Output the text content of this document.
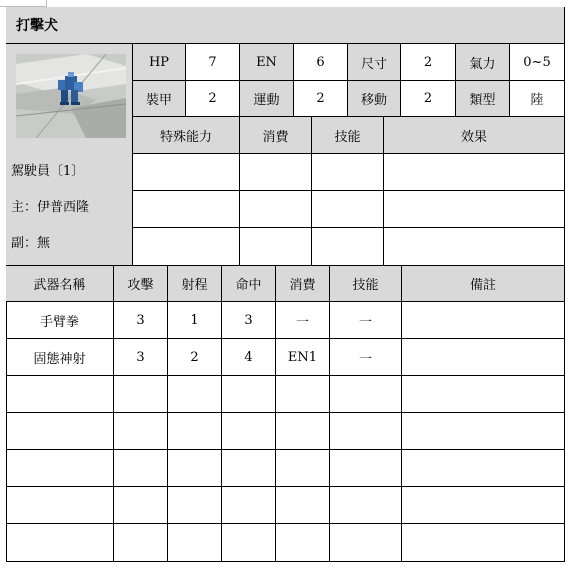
打擊犬
HP	7	EN	6	尺寸	2	氣力	0~5
裝甲	2	運動	2	移動	2	類型	陸
特殊能力	消費	技能	效果
駕駛員〔1〕
主：伊普西隆
副：無
武器名稱	攻擊	射程	命中	消費	技能	備註
手臂拳	3	1	3	一	一
固態神射	3	2	4	EN1	一
